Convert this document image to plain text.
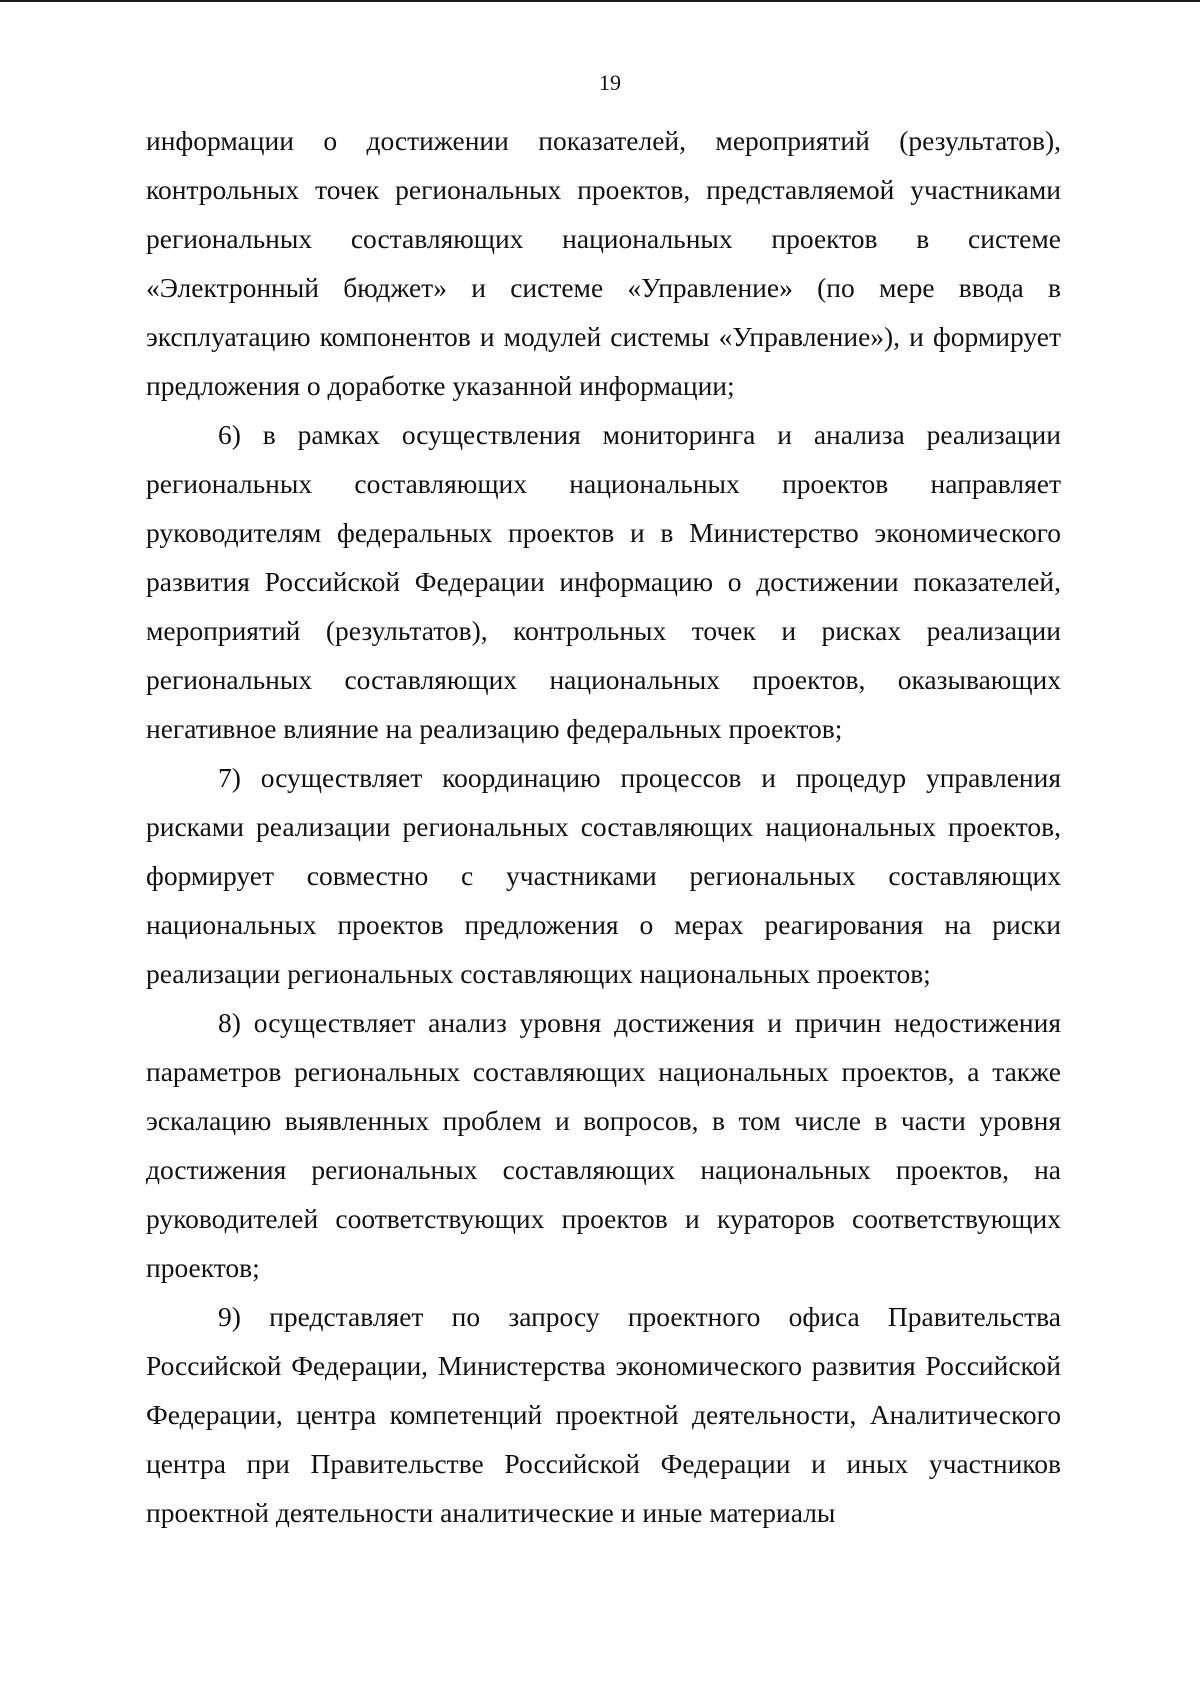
19

информации о достижении показателей, мероприятий (результатов), контрольных точек региональных проектов, представляемой участниками региональных составляющих национальных проектов в системе «Электронный бюджет» и системе «Управление» (по мере ввода в эксплуатацию компонентов и модулей системы «Управление»), и формирует предложения о доработке указанной информации;

6) в рамках осуществления мониторинга и анализа реализации региональных составляющих национальных проектов направляет руководителям федеральных проектов и в Министерство экономического развития Российской Федерации информацию о достижении показателей, мероприятий (результатов), контрольных точек и рисках реализации региональных составляющих национальных проектов, оказывающих негативное влияние на реализацию федеральных проектов;

7) осуществляет координацию процессов и процедур управления рисками реализации региональных составляющих национальных проектов, формирует совместно с участниками региональных составляющих национальных проектов предложения о мерах реагирования на риски реализации региональных составляющих национальных проектов;

8) осуществляет анализ уровня достижения и причин недостижения параметров региональных составляющих национальных проектов, а также эскалацию выявленных проблем и вопросов, в том числе в части уровня достижения региональных составляющих национальных проектов, на руководителей соответствующих проектов и кураторов соответствующих проектов;

9) представляет по запросу проектного офиса Правительства Российской Федерации, Министерства экономического развития Российской Федерации, центра компетенций проектной деятельности, Аналитического центра при Правительстве Российской Федерации и иных участников проектной деятельности аналитические и иные материалы
